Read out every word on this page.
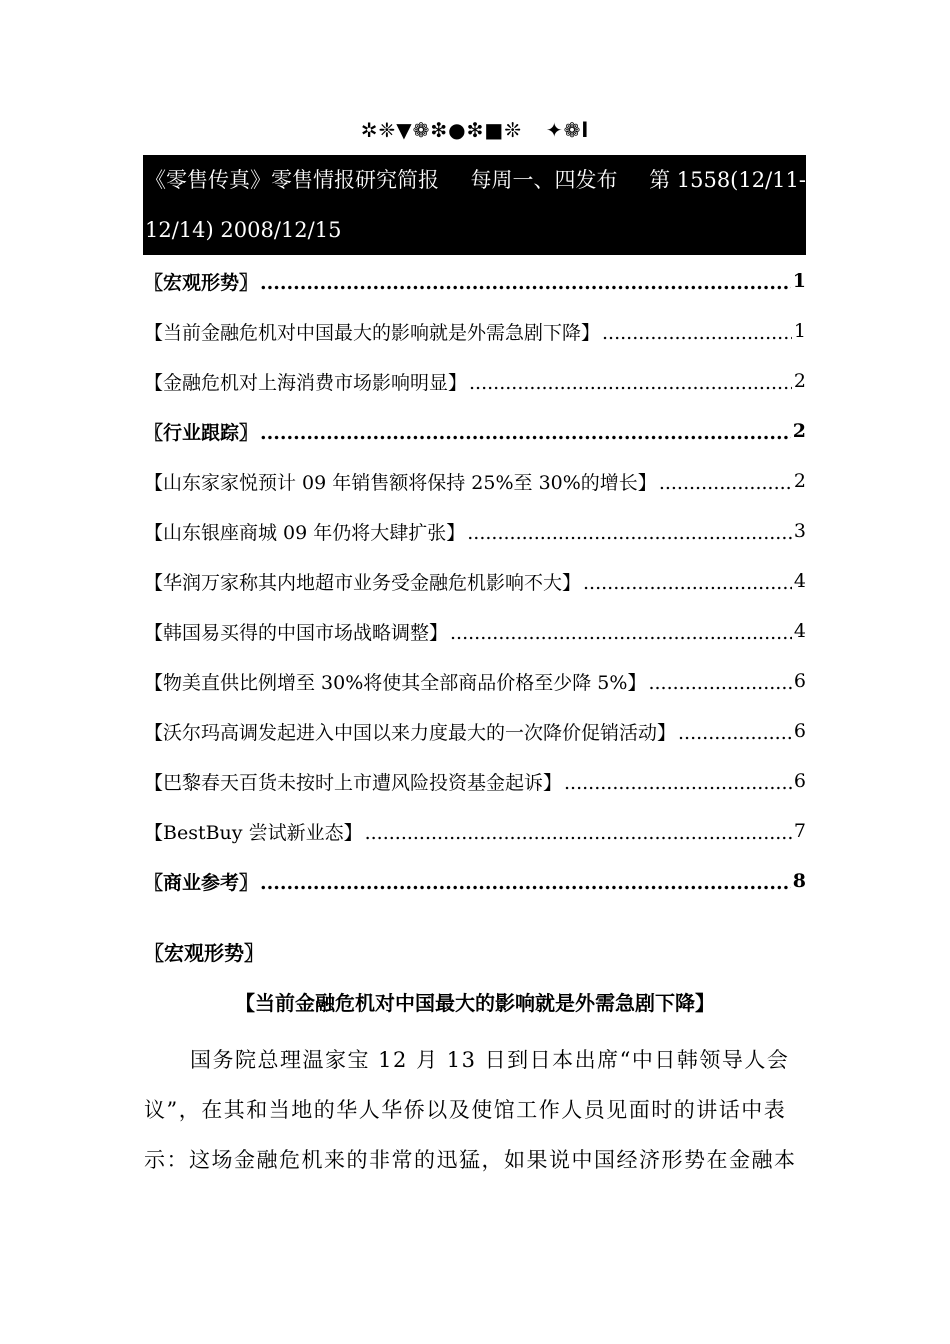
✲❈▼❁❇●❇■❊   ✦❁l
《零售传真》零售情报研究简报 每周一、四发布 第 1558(12/11-
12/14) 2008/12/15
〖宏观形势〗 .....	1
【当前金融危机对中国最大的影响就是外需急剧下降】 .....	1
【金融危机对上海消费市场影响明显】 .....	2
〖行业跟踪〗 .....	2
【山东家家悦预计 09 年销售额将保持 25%至 30%的增长】 .....	2
【山东银座商城 09 年仍将大肆扩张】 .....	3
【华润万家称其内地超市业务受金融危机影响不大】 .....	4
【韩国易买得的中国市场战略调整】 .....	4
【物美直供比例增至 30%将使其全部商品价格至少降 5%】 .....	6
【沃尔玛高调发起进入中国以来力度最大的一次降价促销活动】 .....	6
【巴黎春天百货未按时上市遭风险投资基金起诉】 .....	6
【BestBuy 尝试新业态】 .....	7
〖商业参考〗 .....	8
〖宏观形势〗
【当前金融危机对中国最大的影响就是外需急剧下降】
国务院总理温家宝 12 月 13 日到日本出席“中日韩领导人会
议”，在其和当地的华人华侨以及使馆工作人员见面时的讲话中表
示：这场金融危机来的非常的迅猛，如果说中国经济形势在金融本
